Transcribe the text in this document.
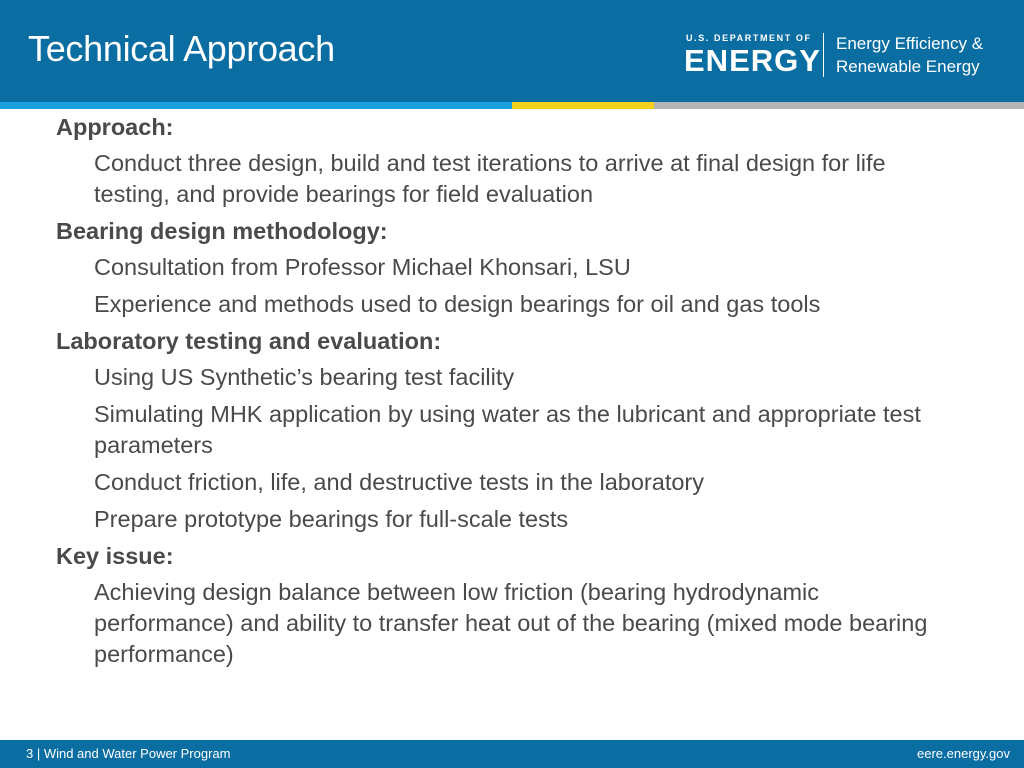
Technical Approach	U.S. DEPARTMENT OF
ENERGY Energy Efficiency &
Renewable Energy
Approach:
Conduct three design, build and test iterations to arrive at final design for life testing, and provide bearings for field evaluation
Bearing design methodology:
Consultation from Professor Michael Khonsari, LSU
Experience and methods used to design bearings for oil and gas tools
Laboratory testing and evaluation:
Using US Synthetic’s bearing test facility
Simulating MHK application by using water as the lubricant and appropriate test parameters
Conduct friction, life, and destructive tests in the laboratory
Prepare prototype bearings for full-scale tests
Key issue:
Achieving design balance between low friction (bearing hydrodynamic performance) and ability to transfer heat out of the bearing (mixed mode bearing performance)
3 | Wind and Water Power Program	eere.energy.gov
